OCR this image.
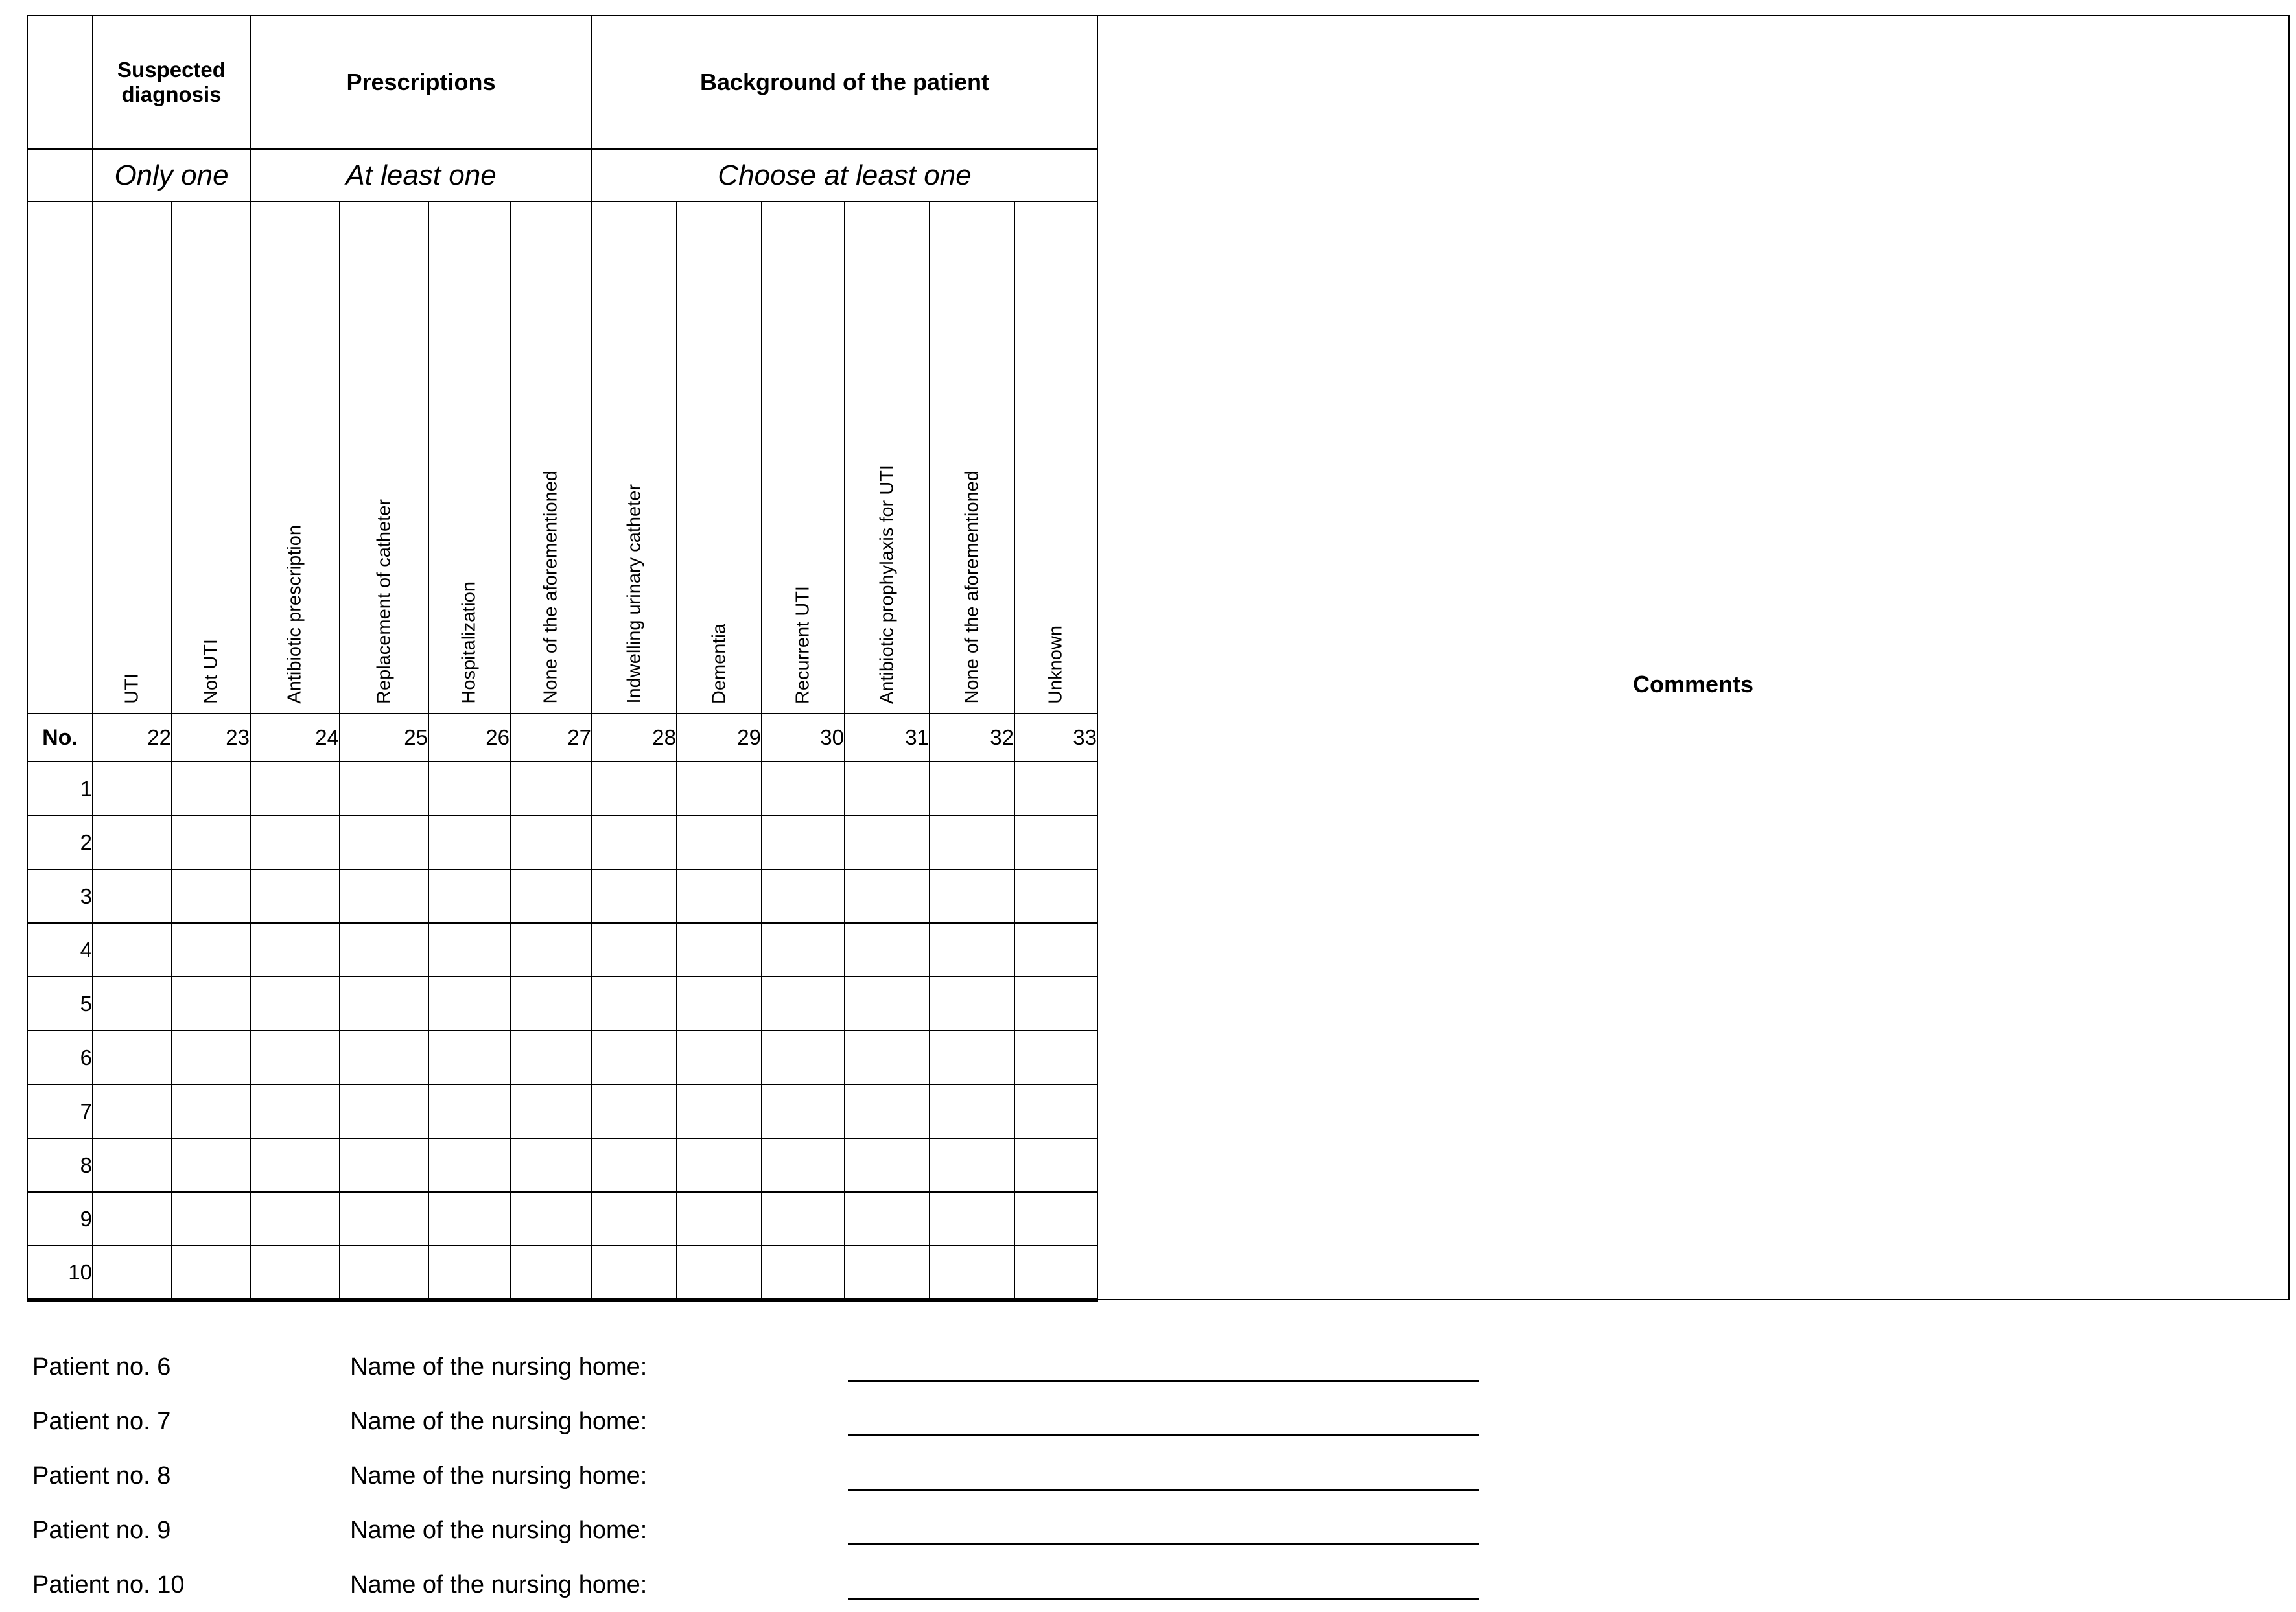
	Suspected diagnosis		Prescriptions				Background of the patient						Comments

	Only one		At least one				Choose at least one						

	UTI	Not UTI	Antibiotic prescription	Replacement of catheter	Hospitalization	None of the aforementioned	Indwelling urinary catheter	Dementia	Recurrent UTI	Antibiotic prophylaxis for UTI	None of the aforementioned	Unknown	

No.	22	23	24	25	26	27	28	29	30	31	32	33	
1													
2													
3													
4													
5													
6													
7													
8													
9													
10													
Patient no. 6	Name of the nursing home:
Patient no. 7	Name of the nursing home:
Patient no. 8	Name of the nursing home:
Patient no. 9	Name of the nursing home:
Patient no. 10	Name of the nursing home:
